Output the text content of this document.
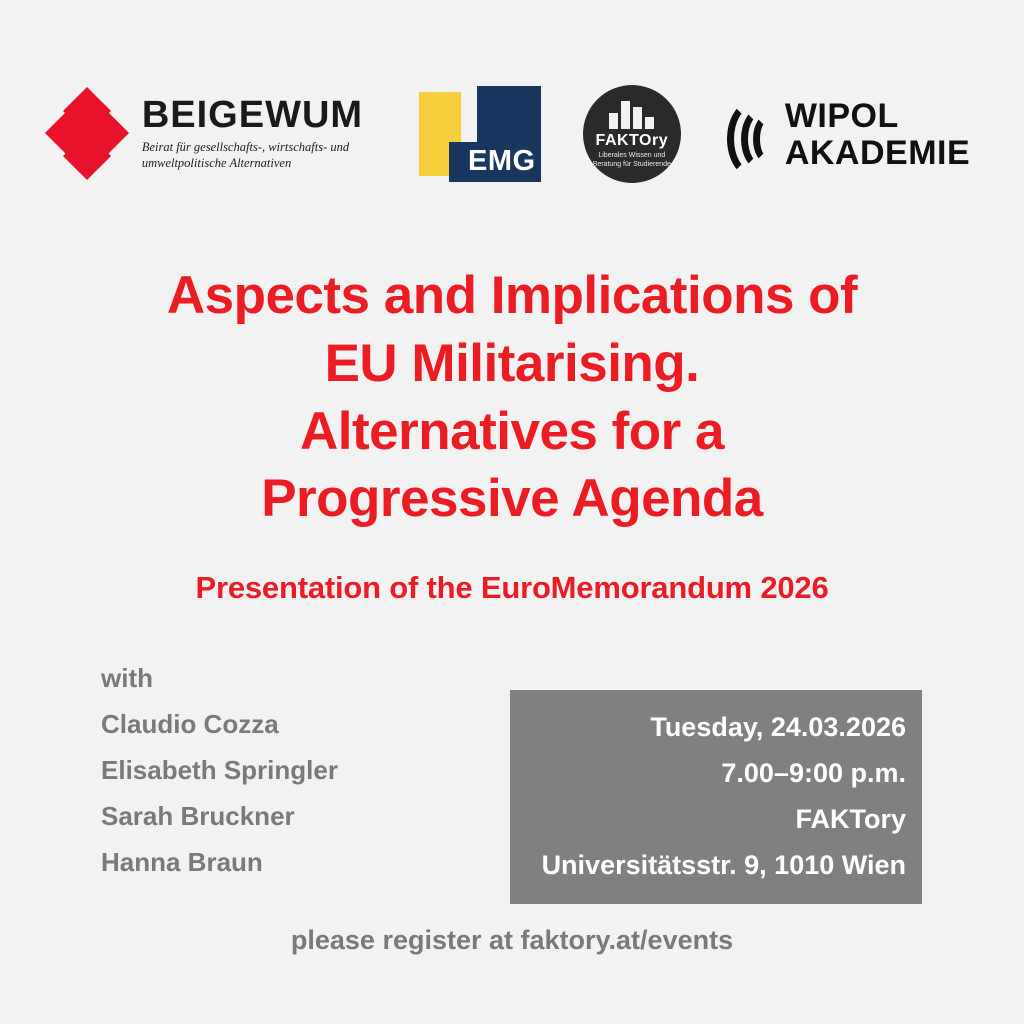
BEIGEWUM
Beirat für gesellschafts-, wirtschafts- und umweltpolitische Alternativen	EMG
FAKTOry
Liberales Wissen und Beratung für Studierende
WIPOL
AKADEMIE
Aspects and Implications of
EU Militarising.
Alternatives for a
Progressive Agenda
Presentation of the EuroMemorandum 2026
with
Claudio Cozza
Elisabeth Springler
Sarah Bruckner
Hanna Braun
Tuesday, 24.03.2026
7.00–9:00 p.m.
FAKTory
Universitätsstr. 9, 1010 Wien
please register at faktory.at/events
